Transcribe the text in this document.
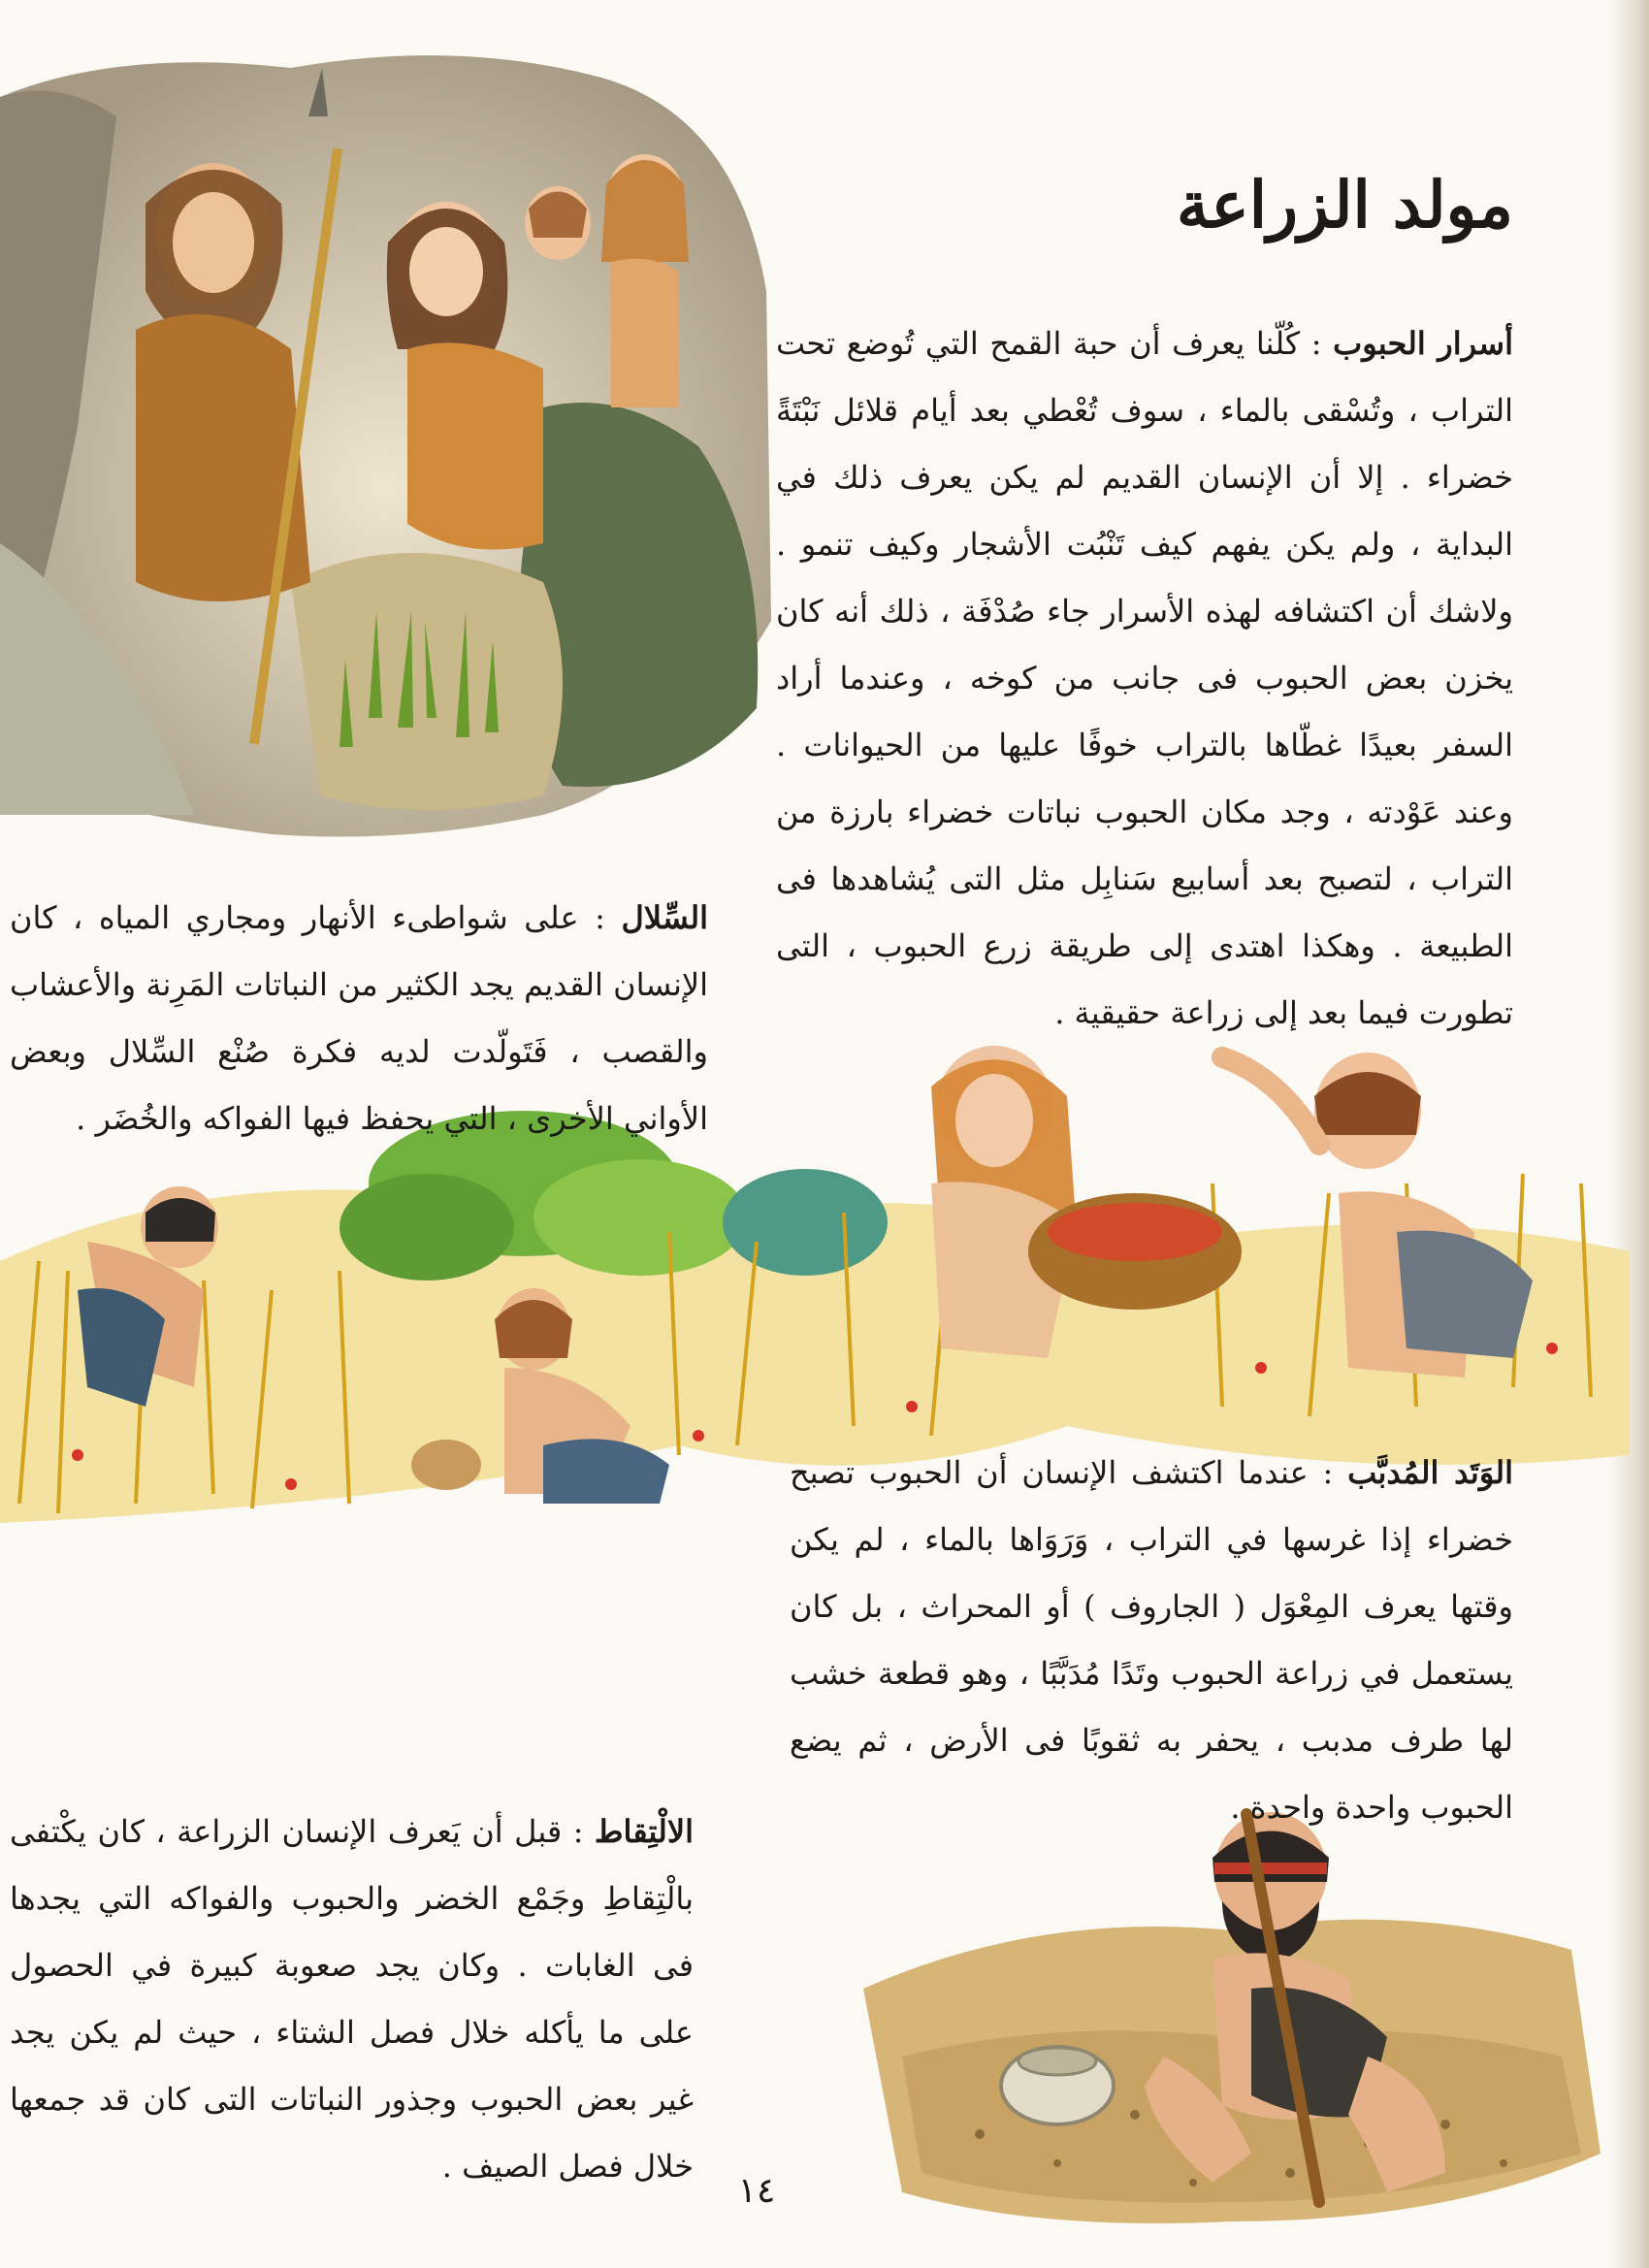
مولد الزراعة

أسرار الحبوب : كُلّنا يعرف أن حبة القمح التي تُوضع تحت التراب ، وتُسْقى بالماء ، سوف تُعْطي بعد أيام قلائل نَبْتَةً خضراء . إلا أن الإنسان القديم لم يكن يعرف ذلك في البداية ، ولم يكن يفهم كيف تَنْبُت الأشجار وكيف تنمو . ولاشك أن اكتشافه لهذه الأسرار جاء صُدْفَة ، ذلك أنه كان يخزن بعض الحبوب فى جانب من كوخه ، وعندما أراد السفر بعيدًا غطّاها بالتراب خوفًا عليها من الحيوانات . وعند عَوْدته ، وجد مكان الحبوب نباتات خضراء بارزة من التراب ، لتصبح بعد أسابيع سَنابِل مثل التى يُشاهدها فى الطبيعة . وهكذا اهتدى إلى طريقة زرع الحبوب ، التى تطورت فيما بعد إلى زراعة حقيقية .

السِّلال : على شواطىء الأنهار ومجاري المياه ، كان الإنسان القديم يجد الكثير من النباتات المَرِنة والأعشاب والقصب ، فَتَولّدت لديه فكرة صُنْع السِّلال وبعض الأواني الأخرى ، التي يحفظ فيها الفواكه والخُضَر .

الوَتَد المُدبَّب : عندما اكتشف الإنسان أن الحبوب تصبح خضراء إذا غرسها في التراب ، وَرَوَاها بالماء ، لم يكن وقتها يعرف المِعْوَل ( الجاروف ) أو المحراث ، بل كان يستعمل في زراعة الحبوب وتَدًا مُدَبَّبًا ، وهو قطعة خشب لها طرف مدبب ، يحفر به ثقوبًا فى الأرض ، ثم يضع الحبوب واحدة واحدة .

الالْتِقاط : قبل أن يَعرف الإنسان الزراعة ، كان يكْتفى بالْتِقاطِ وجَمْع الخضر والحبوب والفواكه التي يجدها فى الغابات . وكان يجد صعوبة كبيرة في الحصول على ما يأكله خلال فصل الشتاء ، حيث لم يكن يجد غير بعض الحبوب وجذور النباتات التى كان قد جمعها خلال فصل الصيف .

١٤
